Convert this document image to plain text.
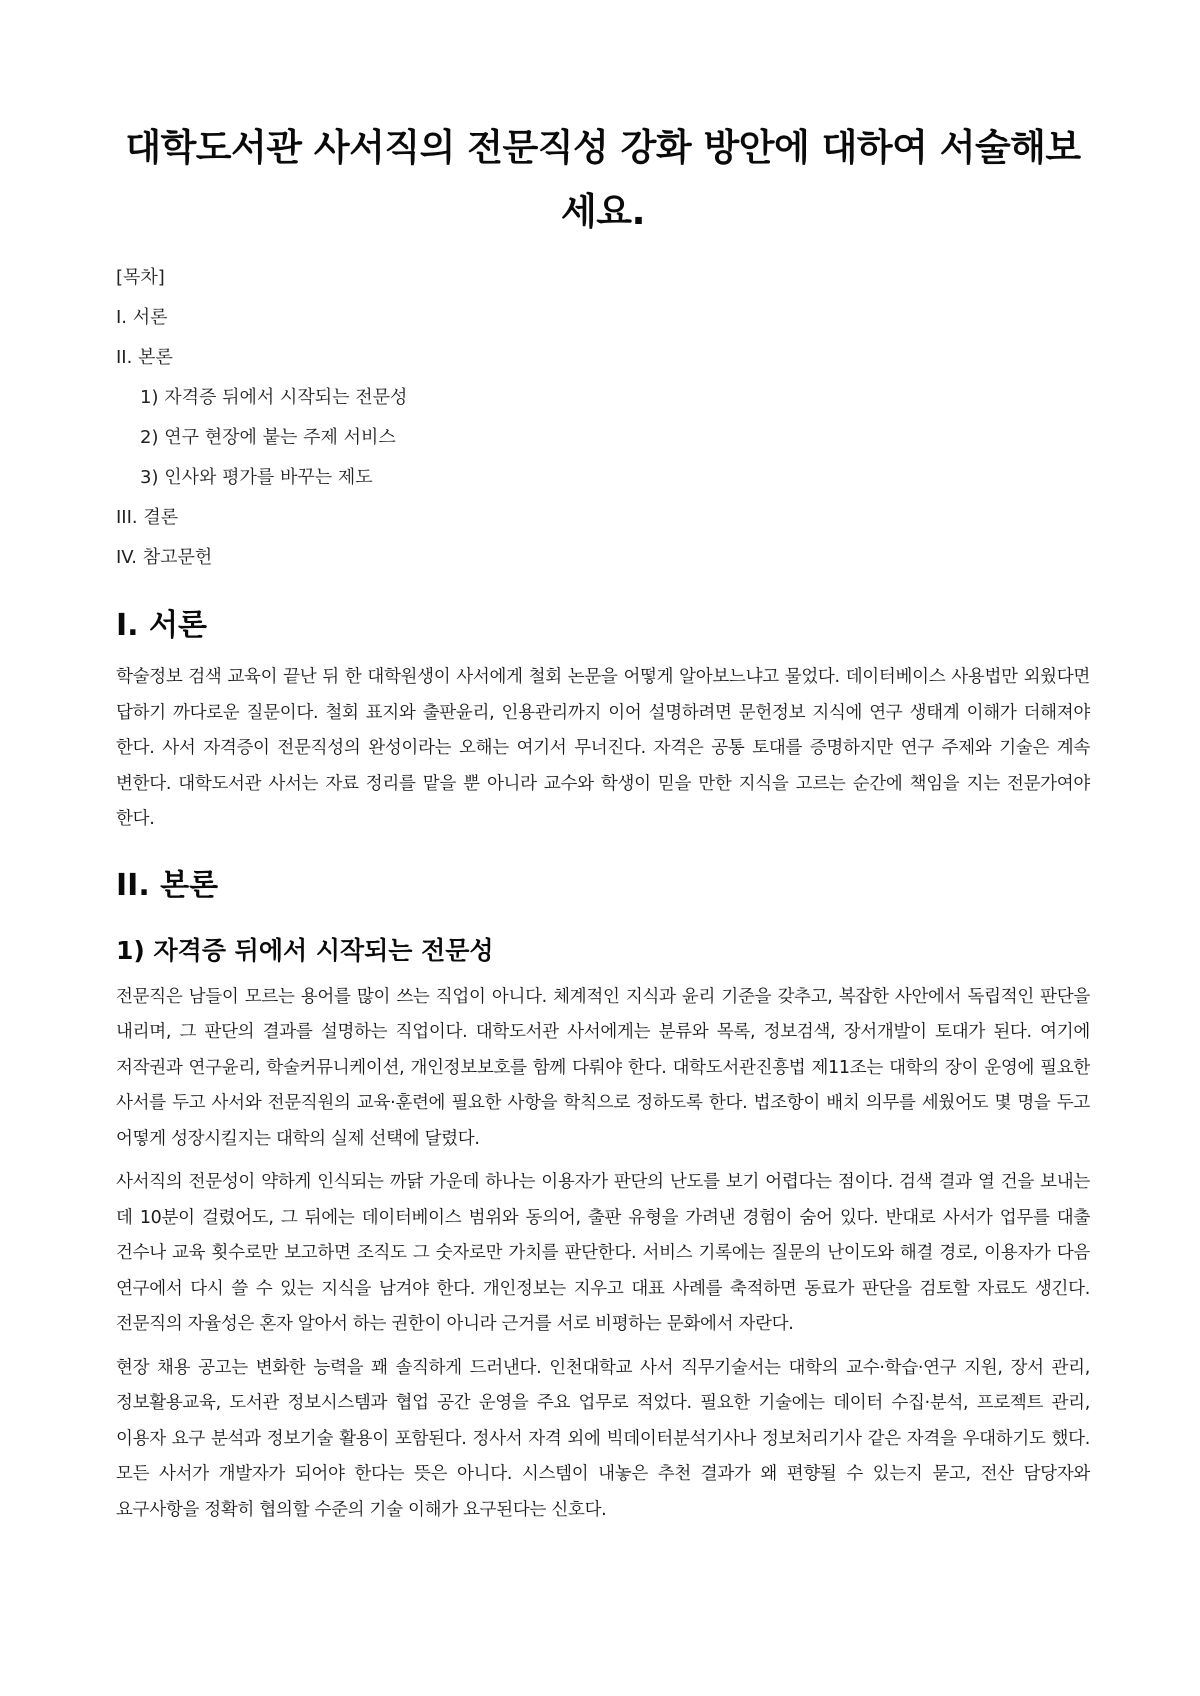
대학도서관 사서직의 전문직성 강화 방안에 대하여 서술해보세요.
[목차]
I. 서론
II. 본론
1) 자격증 뒤에서 시작되는 전문성
2) 연구 현장에 붙는 주제 서비스
3) 인사와 평가를 바꾸는 제도
III. 결론
IV. 참고문헌
I. 서론

학술정보 검색 교육이 끝난 뒤 한 대학원생이 사서에게 철회 논문을 어떻게 알아보느냐고 물었다. 데이터베이스 사용법만 외웠다면 답하기 까다로운 질문이다. 철회 표지와 출판윤리, 인용관리까지 이어 설명하려면 문헌정보 지식에 연구 생태계 이해가 더해져야 한다. 사서 자격증이 전문직성의 완성이라는 오해는 여기서 무너진다. 자격은 공통 토대를 증명하지만 연구 주제와 기술은 계속 변한다. 대학도서관 사서는 자료 정리를 맡을 뿐 아니라 교수와 학생이 믿을 만한 지식을 고르는 순간에 책임을 지는 전문가여야 한다.

II. 본론
1) 자격증 뒤에서 시작되는 전문성

전문직은 남들이 모르는 용어를 많이 쓰는 직업이 아니다. 체계적인 지식과 윤리 기준을 갖추고, 복잡한 사안에서 독립적인 판단을 내리며, 그 판단의 결과를 설명하는 직업이다. 대학도서관 사서에게는 분류와 목록, 정보검색, 장서개발이 토대가 된다. 여기에 저작권과 연구윤리, 학술커뮤니케이션, 개인정보보호를 함께 다뤄야 한다. 대학도서관진흥법 제11조는 대학의 장이 운영에 필요한 사서를 두고 사서와 전문직원의 교육·훈련에 필요한 사항을 학칙으로 정하도록 한다. 법조항이 배치 의무를 세웠어도 몇 명을 두고 어떻게 성장시킬지는 대학의 실제 선택에 달렸다.

사서직의 전문성이 약하게 인식되는 까닭 가운데 하나는 이용자가 판단의 난도를 보기 어렵다는 점이다. 검색 결과 열 건을 보내는 데 10분이 걸렸어도, 그 뒤에는 데이터베이스 범위와 동의어, 출판 유형을 가려낸 경험이 숨어 있다. 반대로 사서가 업무를 대출 건수나 교육 횟수로만 보고하면 조직도 그 숫자로만 가치를 판단한다. 서비스 기록에는 질문의 난이도와 해결 경로, 이용자가 다음 연구에서 다시 쓸 수 있는 지식을 남겨야 한다. 개인정보는 지우고 대표 사례를 축적하면 동료가 판단을 검토할 자료도 생긴다. 전문직의 자율성은 혼자 알아서 하는 권한이 아니라 근거를 서로 비평하는 문화에서 자란다.

현장 채용 공고는 변화한 능력을 꽤 솔직하게 드러낸다. 인천대학교 사서 직무기술서는 대학의 교수·학습·연구 지원, 장서 관리, 정보활용교육, 도서관 정보시스템과 협업 공간 운영을 주요 업무로 적었다. 필요한 기술에는 데이터 수집·분석, 프로젝트 관리, 이용자 요구 분석과 정보기술 활용이 포함된다. 정사서 자격 외에 빅데이터분석기사나 정보처리기사 같은 자격을 우대하기도 했다. 모든 사서가 개발자가 되어야 한다는 뜻은 아니다. 시스템이 내놓은 추천 결과가 왜 편향될 수 있는지 묻고, 전산 담당자와 요구사항을 정확히 협의할 수준의 기술 이해가 요구된다는 신호다.
